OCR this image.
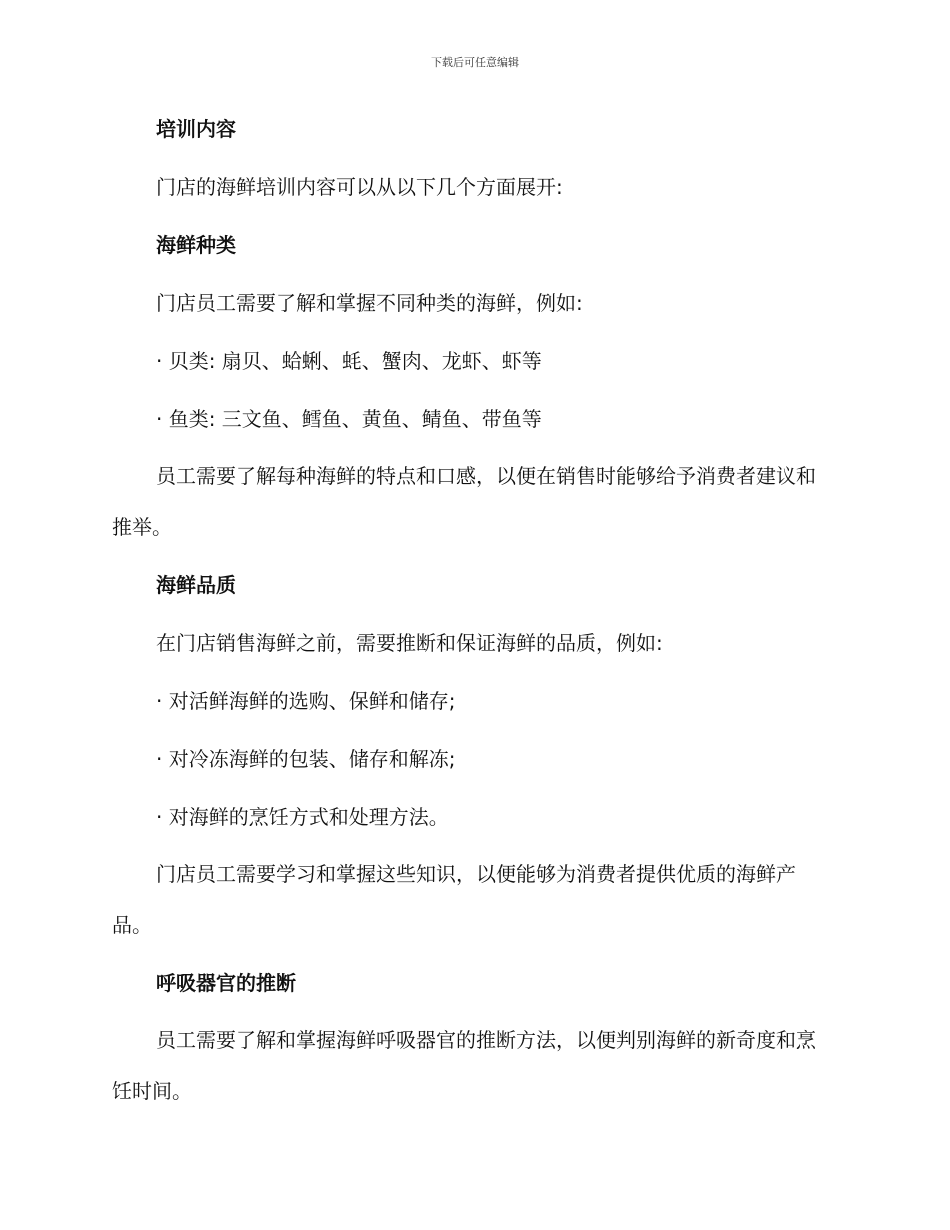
下载后可任意编辑
培训内容
门店的海鲜培训内容可以从以下几个方面展开:
海鲜种类
门店员工需要了解和掌握不同种类的海鲜，例如:
· 贝类: 扇贝、蛤蜊、蚝、蟹肉、龙虾、虾等
· 鱼类: 三文鱼、鳕鱼、黄鱼、鲭鱼、带鱼等
员工需要了解每种海鲜的特点和口感，以便在销售时能够给予消费者建议和推举。
海鲜品质
在门店销售海鲜之前，需要推断和保证海鲜的品质，例如:
· 对活鲜海鲜的选购、保鲜和储存;
· 对冷冻海鲜的包装、储存和解冻;
· 对海鲜的烹饪方式和处理方法。
门店员工需要学习和掌握这些知识，以便能够为消费者提供优质的海鲜产品。
呼吸器官的推断
员工需要了解和掌握海鲜呼吸器官的推断方法，以便判别海鲜的新奇度和烹饪时间。
